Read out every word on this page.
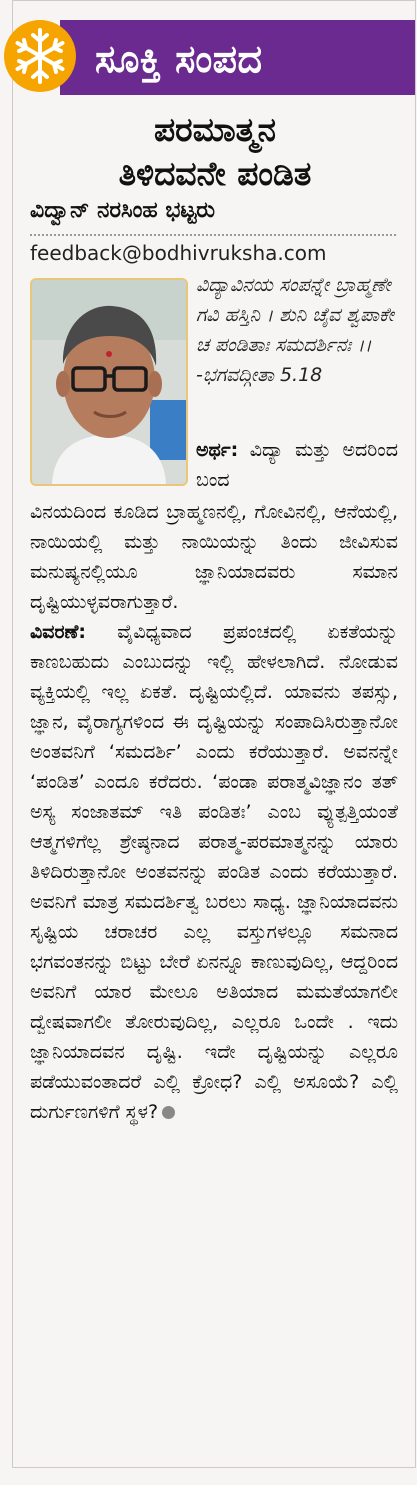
ಸೂಕ್ತಿ ಸಂಪದ
ಪರಮಾತ್ಮನ
ತಿಳಿದವನೇ ಪಂಡಿತ
ವಿದ್ವಾನ್ ನರಸಿಂಹ ಭಟ್ಟರು
feedback@bodhivruksha.com
ವಿದ್ಯಾವಿನಯ ಸಂಪನ್ನೇ ಬ್ರಾಹ್ಮಣೇ ಗವಿ ಹಸ್ತಿನಿ । ಶುನಿ ಚೈವ ಶ್ವಪಾಕೇ ಚ ಪಂಡಿತಾಃ ಸಮದರ್ಶಿನಃ ।। -ಭಗವದ್ಗೀತಾ 5.18
ಅರ್ಥ: ವಿದ್ಯಾ ಮತ್ತು ಅದರಿಂದ ಬಂದ

ವಿನಯದಿಂದ ಕೂಡಿದ ಬ್ರಾಹ್ಮಣನಲ್ಲಿ, ಗೋವಿನಲ್ಲಿ, ಆನೆಯಲ್ಲಿ, ನಾಯಿಯಲ್ಲಿ ಮತ್ತು ನಾಯಿಯನ್ನು ತಿಂದು ಜೀವಿಸುವ ಮನುಷ್ಯನಲ್ಲಿಯೂ ಜ್ಞಾನಿಯಾದವರು ಸಮಾನ ದೃಷ್ಟಿಯುಳ್ಳವರಾಗುತ್ತಾರೆ.

ವಿವರಣೆ: ವೈವಿಧ್ಯವಾದ ಪ್ರಪಂಚದಲ್ಲಿ ಏಕತೆಯನ್ನು ಕಾಣಬಹುದು ಎಂಬುದನ್ನು ಇಲ್ಲಿ ಹೇಳಲಾಗಿದೆ. ನೋಡುವ ವ್ಯಕ್ತಿಯಲ್ಲಿ ಇಲ್ಲ ಏಕತೆ. ದೃಷ್ಟಿಯಲ್ಲಿದೆ. ಯಾವನು ತಪಸ್ಸು, ಜ್ಞಾನ, ವೈರಾಗ್ಯಗಳಿಂದ ಈ ದೃಷ್ಟಿಯನ್ನು ಸಂಪಾದಿಸಿರುತ್ತಾನೋ ಅಂತವನಿಗೆ ‘ಸಮದರ್ಶಿ’ ಎಂದು ಕರೆಯುತ್ತಾರೆ. ಅವನನ್ನೇ ‘ಪಂಡಿತ’ ಎಂದೂ ಕರೆದರು. ‘ಪಂಡಾ ಪರಾತ್ಮವಿಜ್ಞಾನಂ ತತ್ ಅಸ್ಯ ಸಂಜಾತಮ್ ಇತಿ ಪಂಡಿತಃ’ ಎಂಬ ವ್ಯುತ್ಪತ್ತಿಯಂತೆ ಆತ್ಮಗಳಿಗೆಲ್ಲ ಶ್ರೇಷ್ಠನಾದ ಪರಾತ್ಮ-ಪರಮಾತ್ಮನನ್ನು ಯಾರು ತಿಳಿದಿರುತ್ತಾನೋ ಅಂತವನನ್ನು ಪಂಡಿತ ಎಂದು ಕರೆಯುತ್ತಾರೆ. ಅವನಿಗೆ ಮಾತ್ರ ಸಮದರ್ಶಿತ್ವ ಬರಲು ಸಾಧ್ಯ. ಜ್ಞಾನಿಯಾದವನು ಸೃಷ್ಟಿಯ ಚರಾಚರ ಎಲ್ಲ ವಸ್ತುಗಳಲ್ಲೂ ಸಮನಾದ ಭಗವಂತನನ್ನು ಬಿಟ್ಟು ಬೇರೆ ಏನನ್ನೂ ಕಾಣುವುದಿಲ್ಲ, ಆದ್ದರಿಂದ ಅವನಿಗೆ ಯಾರ ಮೇಲೂ ಅತಿಯಾದ ಮಮತೆಯಾಗಲೀ ದ್ವೇಷವಾಗಲೀ ತೋರುವುದಿಲ್ಲ, ಎಲ್ಲರೂ ಒಂದೇ . ಇದು ಜ್ಞಾನಿಯಾದವನ ದೃಷ್ಟಿ. ಇದೇ ದೃಷ್ಟಿಯನ್ನು ಎಲ್ಲರೂ ಪಡೆಯುವಂತಾದರೆ ಎಲ್ಲಿ ಕ್ರೋಧ? ಎಲ್ಲಿ ಅಸೂಯೆ? ಎಲ್ಲಿ ದುರ್ಗುಣಗಳಿಗೆ ಸ್ಥಳ?
